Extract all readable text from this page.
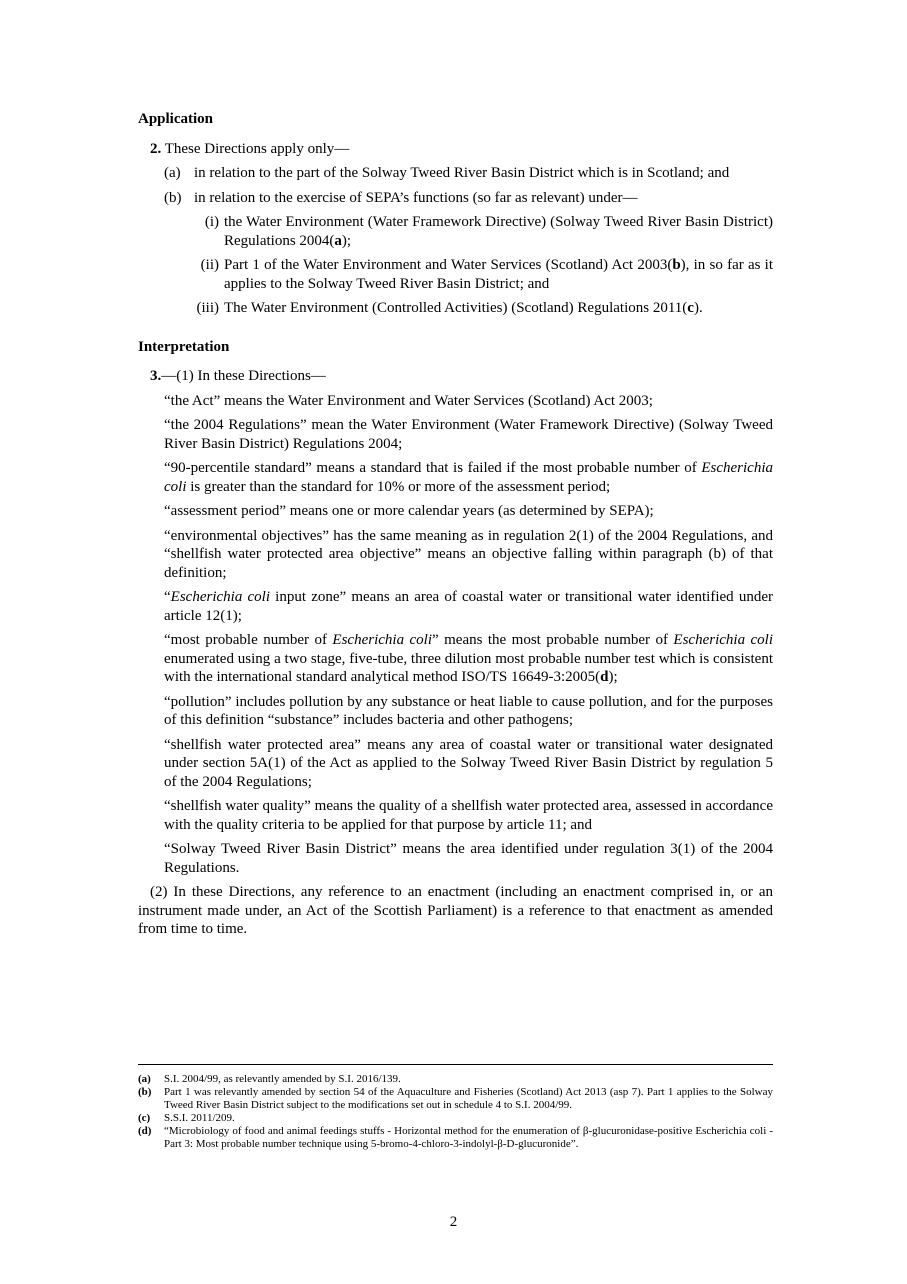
Application

2. These Directions apply only—

(a) in relation to the part of the Solway Tweed River Basin District which is in Scotland; and

(b) in relation to the exercise of SEPA’s functions (so far as relevant) under—

(i) the Water Environment (Water Framework Directive) (Solway Tweed River Basin District) Regulations 2004(a);

(ii) Part 1 of the Water Environment and Water Services (Scotland) Act 2003(b), in so far as it applies to the Solway Tweed River Basin District; and

(iii) The Water Environment (Controlled Activities) (Scotland) Regulations 2011(c).

Interpretation

3.—(1) In these Directions—

“the Act” means the Water Environment and Water Services (Scotland) Act 2003;

“the 2004 Regulations” mean the Water Environment (Water Framework Directive) (Solway Tweed River Basin District) Regulations 2004;

“90-percentile standard” means a standard that is failed if the most probable number of Escherichia coli is greater than the standard for 10% or more of the assessment period;

“assessment period” means one or more calendar years (as determined by SEPA);

“environmental objectives” has the same meaning as in regulation 2(1) of the 2004 Regulations, and “shellfish water protected area objective” means an objective falling within paragraph (b) of that definition;

“Escherichia coli input zone” means an area of coastal water or transitional water identified under article 12(1);

“most probable number of Escherichia coli” means the most probable number of Escherichia coli enumerated using a two stage, five-tube, three dilution most probable number test which is consistent with the international standard analytical method ISO/TS 16649-3:2005(d);

“pollution” includes pollution by any substance or heat liable to cause pollution, and for the purposes of this definition “substance” includes bacteria and other pathogens;

“shellfish water protected area” means any area of coastal water or transitional water designated under section 5A(1) of the Act as applied to the Solway Tweed River Basin District by regulation 5 of the 2004 Regulations;

“shellfish water quality” means the quality of a shellfish water protected area, assessed in accordance with the quality criteria to be applied for that purpose by article 11; and

“Solway Tweed River Basin District” means the area identified under regulation 3(1) of the 2004 Regulations.

(2) In these Directions, any reference to an enactment (including an enactment comprised in, or an instrument made under, an Act of the Scottish Parliament) is a reference to that enactment as amended from time to time.

(a) S.I. 2004/99, as relevantly amended by S.I. 2016/139.
(b) Part 1 was relevantly amended by section 54 of the Aquaculture and Fisheries (Scotland) Act 2013 (asp 7). Part 1 applies to the Solway Tweed River Basin District subject to the modifications set out in schedule 4 to S.I. 2004/99.
(c) S.S.I. 2011/209.
(d) “Microbiology of food and animal feedings stuffs - Horizontal method for the enumeration of β-glucuronidase-positive Escherichia coli - Part 3: Most probable number technique using 5-bromo-4-chloro-3-indolyl-β-D-glucuronide”.
2
